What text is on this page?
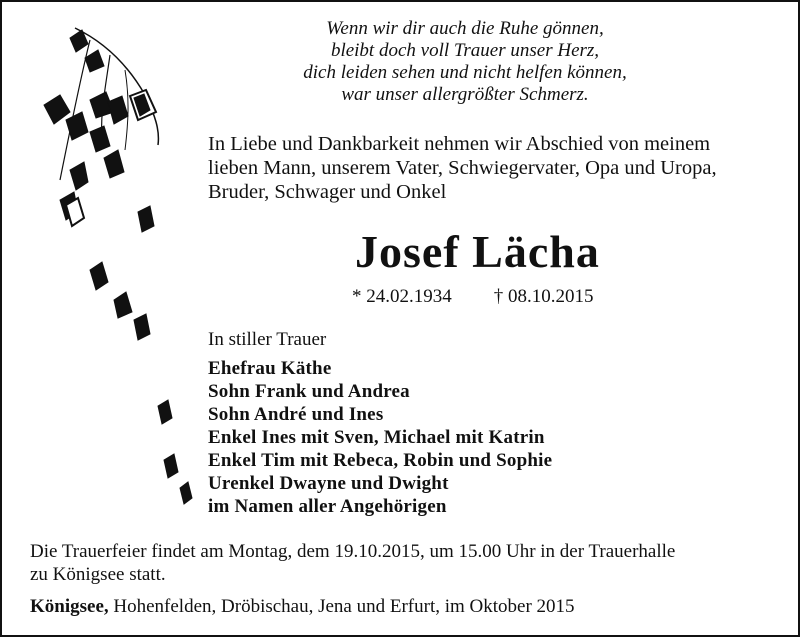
Wenn wir dir auch die Ruhe gönnen,
bleibt doch voll Trauer unser Herz,
dich leiden sehen und nicht helfen können,
war unser allergrößter Schmerz.
In Liebe und Dankbarkeit nehmen wir Abschied von meinem
lieben Mann, unserem Vater, Schwiegervater, Opa und Uropa,
Bruder, Schwager und Onkel
Josef Lächa
* 24.02.1934 † 08.10.2015
In stiller Trauer
Ehefrau Käthe
Sohn Frank und Andrea
Sohn André und Ines
Enkel Ines mit Sven, Michael mit Katrin
Enkel Tim mit Rebeca, Robin und Sophie
Urenkel Dwayne und Dwight
im Namen aller Angehörigen
Die Trauerfeier findet am Montag, dem 19.10.2015, um 15.00 Uhr in der Trauerhalle
zu Königsee statt.
Königsee, Hohenfelden, Dröbischau, Jena und Erfurt, im Oktober 2015
